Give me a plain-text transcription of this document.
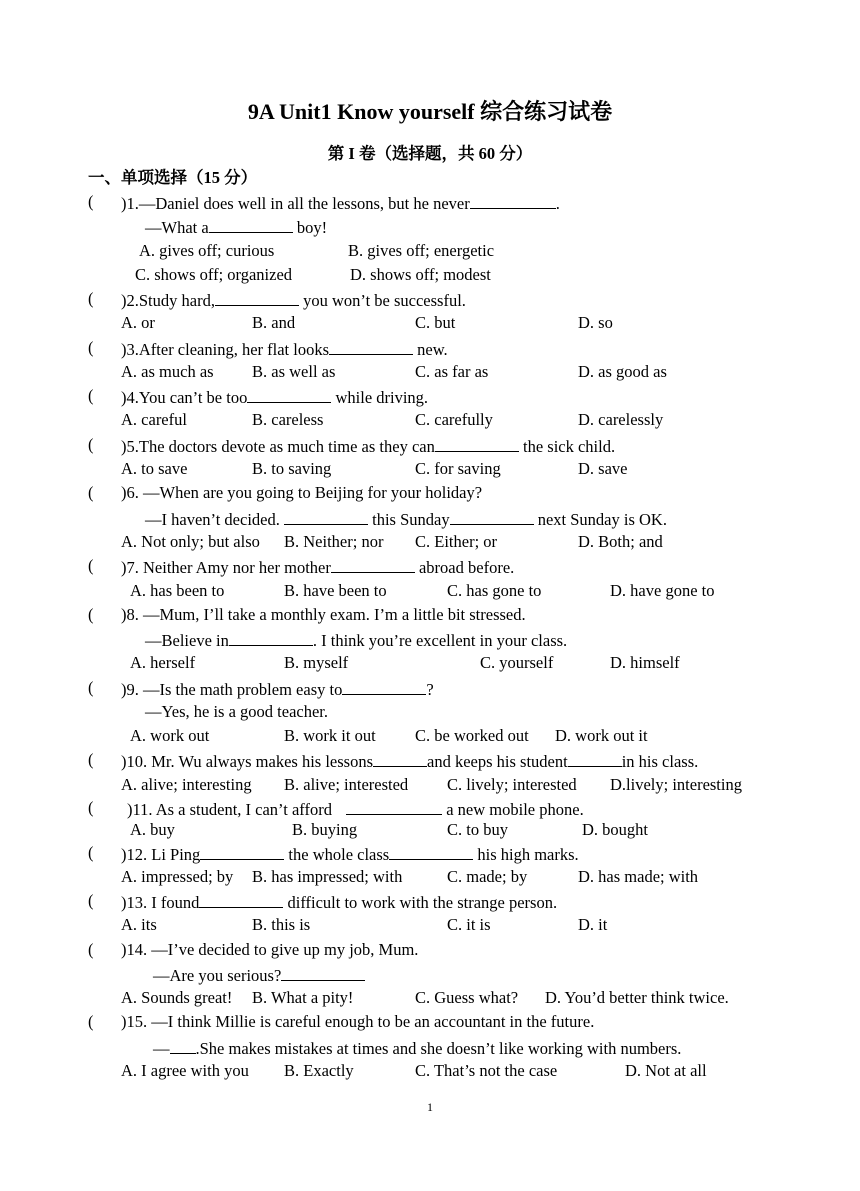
9A Unit1 Know yourself 综合练习试卷
第 I 卷（选择题，共 60 分）
一、单项选择（15 分）
( )1.—Daniel does well in all the lessons, but he never	.
—What a	boy!
A. gives off; curious	B. gives off; energetic
C. shows off; organized	D. shows off; modest
( )2.Study hard,	you won’t be successful.
A. or	B. and	C. but	D. so
( )3.After cleaning, her flat looks	new.
A. as much as B. as well as	C. as far as	D. as good as
( )4.You can’t be too	while driving.
A. careful	B. careless	C. carefully	D. carelessly
( )5.The doctors devote as much time as they can	the sick child.
A. to save	B. to saving	C. for saving	D. save
( )6. —When are you going to Beijing for your holiday?
—I haven’t decided.	this Sunday	next Sunday is OK.
A. Not only; but also B. Neither; nor C. Either; or	D. Both; and
( )7. Neither Amy nor her mother	abroad before.
A. has been to	B. have been to	C. has gone to	D. have gone to
( )8. —Mum, I’ll take a monthly exam. I’m a little bit stressed.
—Believe in	. I think you’re excellent in your class.
A. herself	B. myself	C. yourself	D. himself
( )9. —Is the math problem easy to	?
—Yes, he is a good teacher.
A. work out	B. work it out C. be worked out D. work out it
( )10. Mr. Wu always makes his lessons	and keeps his student	in his class.
A. alive; interesting B. alive; interested C. lively; interested D.lively; interesting
( )11. As a student, I can’t afford	a new mobile phone.
A. buy	B. buying	C. to buy	D. bought
( )12. Li Ping	the whole class	his high marks.
A. impressed; by B. has impressed; with	C. made; by	D. has made; with
( )13. I found	difficult to work with the strange person.
A. its	B. this is	C. it is	D. it
( )14. —I’ve decided to give up my job, Mum.
—Are you serious?
A. Sounds great! B. What a pity!	C. Guess what? D. You’d better think twice.
( )15. —I think Millie is careful enough to be an accountant in the future.
— .She makes mistakes at times and she doesn’t like working with numbers.
A. I agree with you B. Exactly	C. That’s not the case	D. Not at all
1
